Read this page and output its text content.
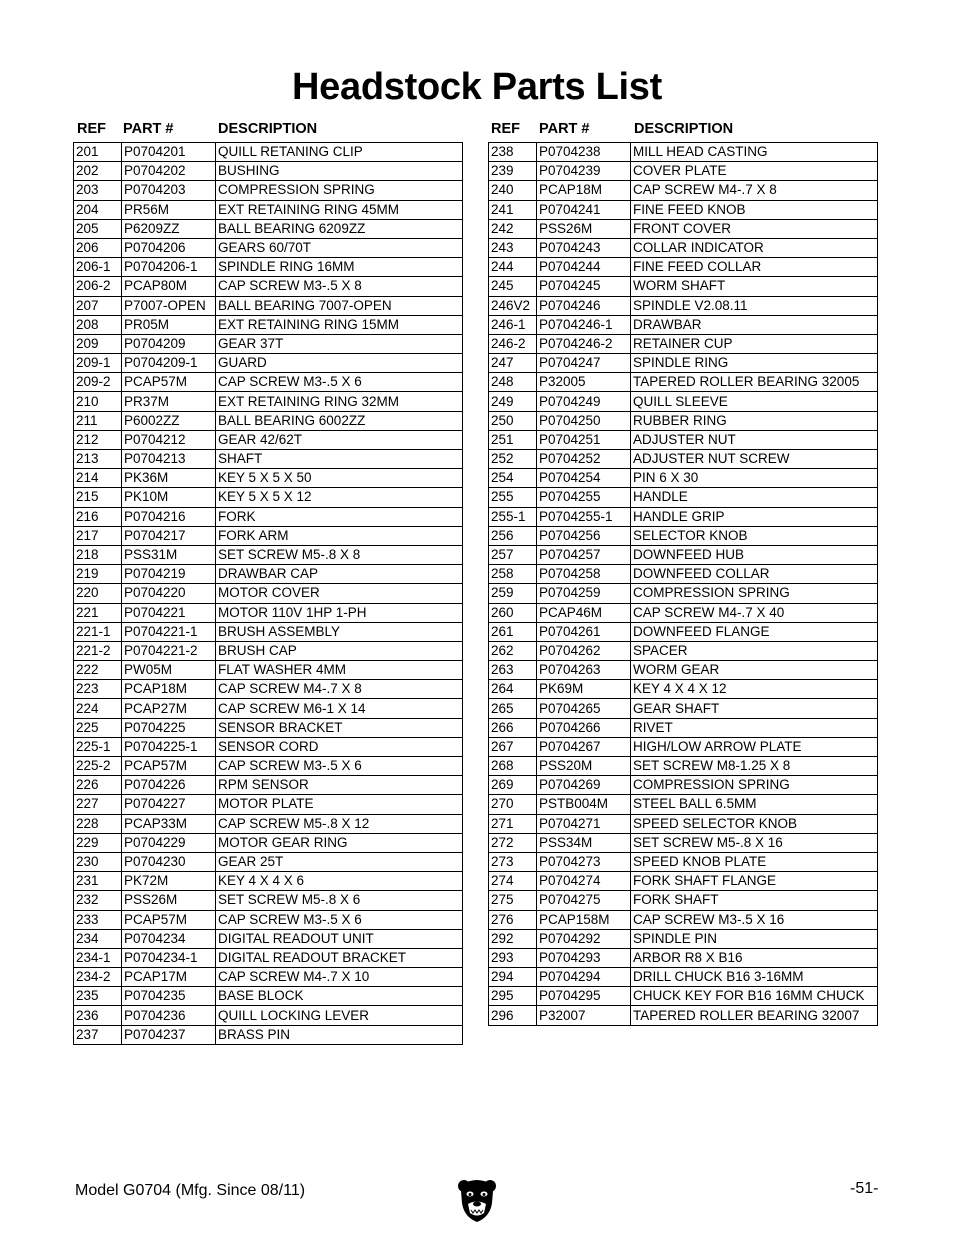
Headstock Parts List
REF PART #	DESCRIPTION
201	P0704201	QUILL RETANING CLIP
202	P0704202	BUSHING
203	P0704203	COMPRESSION SPRING
204	PR56M	EXT RETAINING RING 45MM
205	P6209ZZ	BALL BEARING 6209ZZ
206	P0704206	GEARS 60/70T
206-1	P0704206-1	SPINDLE RING 16MM
206-2	PCAP80M	CAP SCREW M3-.5 X 8
207	P7007-OPEN	BALL BEARING 7007-OPEN
208	PR05M	EXT RETAINING RING 15MM
209	P0704209	GEAR 37T
209-1	P0704209-1	GUARD
209-2	PCAP57M	CAP SCREW M3-.5 X 6
210	PR37M	EXT RETAINING RING 32MM
211	P6002ZZ	BALL BEARING 6002ZZ
212	P0704212	GEAR 42/62T
213	P0704213	SHAFT
214	PK36M	KEY 5 X 5 X 50
215	PK10M	KEY 5 X 5 X 12
216	P0704216	FORK
217	P0704217	FORK ARM
218	PSS31M	SET SCREW M5-.8 X 8
219	P0704219	DRAWBAR CAP
220	P0704220	MOTOR COVER
221	P0704221	MOTOR 110V 1HP 1-PH
221-1	P0704221-1	BRUSH ASSEMBLY
221-2	P0704221-2	BRUSH CAP
222	PW05M	FLAT WASHER 4MM
223	PCAP18M	CAP SCREW M4-.7 X 8
224	PCAP27M	CAP SCREW M6-1 X 14
225	P0704225	SENSOR BRACKET
225-1	P0704225-1	SENSOR CORD
225-2	PCAP57M	CAP SCREW M3-.5 X 6
226	P0704226	RPM SENSOR
227	P0704227	MOTOR PLATE
228	PCAP33M	CAP SCREW M5-.8 X 12
229	P0704229	MOTOR GEAR RING
230	P0704230	GEAR 25T
231	PK72M	KEY 4 X 4 X 6
232	PSS26M	SET SCREW M5-.8 X 6
233	PCAP57M	CAP SCREW M3-.5 X 6
234	P0704234	DIGITAL READOUT UNIT
234-1	P0704234-1	DIGITAL READOUT BRACKET
234-2	PCAP17M	CAP SCREW M4-.7 X 10
235	P0704235	BASE BLOCK
236	P0704236	QUILL LOCKING LEVER
237	P0704237	BRASS PIN
REF PART #	DESCRIPTION
238	P0704238	MILL HEAD CASTING
239	P0704239	COVER PLATE
240	PCAP18M	CAP SCREW M4-.7 X 8
241	P0704241	FINE FEED KNOB
242	PSS26M	FRONT COVER
243	P0704243	COLLAR INDICATOR
244	P0704244	FINE FEED COLLAR
245	P0704245	WORM SHAFT
246V2	P0704246	SPINDLE V2.08.11
246-1	P0704246-1	DRAWBAR
246-2	P0704246-2	RETAINER CUP
247	P0704247	SPINDLE RING
248	P32005	TAPERED ROLLER BEARING 32005
249	P0704249	QUILL SLEEVE
250	P0704250	RUBBER RING
251	P0704251	ADJUSTER NUT
252	P0704252	ADJUSTER NUT SCREW
254	P0704254	PIN 6 X 30
255	P0704255	HANDLE
255-1	P0704255-1	HANDLE GRIP
256	P0704256	SELECTOR KNOB
257	P0704257	DOWNFEED HUB
258	P0704258	DOWNFEED COLLAR
259	P0704259	COMPRESSION SPRING
260	PCAP46M	CAP SCREW M4-.7 X 40
261	P0704261	DOWNFEED FLANGE
262	P0704262	SPACER
263	P0704263	WORM GEAR
264	PK69M	KEY 4 X 4 X 12
265	P0704265	GEAR SHAFT
266	P0704266	RIVET
267	P0704267	HIGH/LOW ARROW PLATE
268	PSS20M	SET SCREW M8-1.25 X 8
269	P0704269	COMPRESSION SPRING
270	PSTB004M	STEEL BALL 6.5MM
271	P0704271	SPEED SELECTOR KNOB
272	PSS34M	SET SCREW M5-.8 X 16
273	P0704273	SPEED KNOB PLATE
274	P0704274	FORK SHAFT FLANGE
275	P0704275	FORK SHAFT
276	PCAP158M	CAP SCREW M3-.5 X 16
292	P0704292	SPINDLE PIN
293	P0704293	ARBOR R8 X B16
294	P0704294	DRILL CHUCK B16 3-16MM
295	P0704295	CHUCK KEY FOR B16 16MM CHUCK
296	P32007	TAPERED ROLLER BEARING 32007
Model G0704 (Mfg. Since 08/11)	-51-
